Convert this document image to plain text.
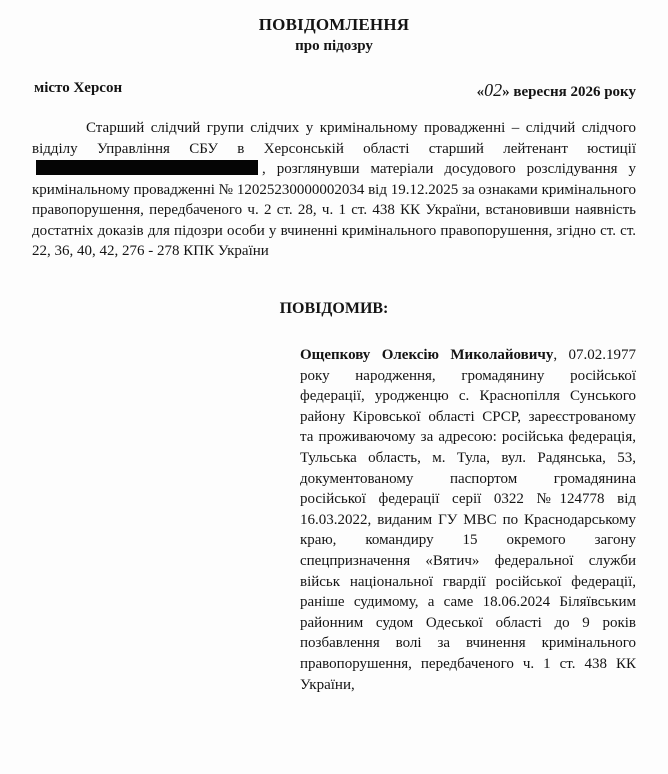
ПОВІДОМЛЕННЯ
про підозру
місто Херсон	«02» вересня 2026 року

Старший слідчий групи слідчих у кримінальному провадженні – слідчий слідчого відділу Управління СБУ в Херсонській області старший лейтенант юстиції, розглянувши матеріали досудового розслідування у кримінальному провадженні № 12025230000002034 від 19.12.2025 за ознаками кримінального правопорушення, передбаченого ч. 2 ст. 28, ч. 1 ст. 438 КК України, встановивши наявність достатніх доказів для підозри особи у вчиненні кримінального правопорушення, згідно ст. ст. 22, 36, 40, 42, 276 - 278 КПК України

ПОВІДОМИВ:

Ощепкову Олексію Миколайовичу, 07.02.1977 року народження, громадянину російської федерації, уродженцю с. Краснопілля Сунського району Кіровської області СРСР, зареєстрованому та проживаючому за адресою: російська федерація, Тульська область, м. Тула, вул. Радянська, 53, документованому паспортом громадянина російської федерації серії 0322 №124778 від 16.03.2022, виданим ГУ МВС по Краснодарському краю, командиру 15 окремого загону спецпризначення «Вятич» федеральної служби військ національної гвардії російської федерації, раніше судимому, а саме 18.06.2024 Біляївським районним судом Одеської області до 9 років позбавлення волі за вчинення кримінального правопорушення, передбаченого ч. 1 ст. 438 КК України,
